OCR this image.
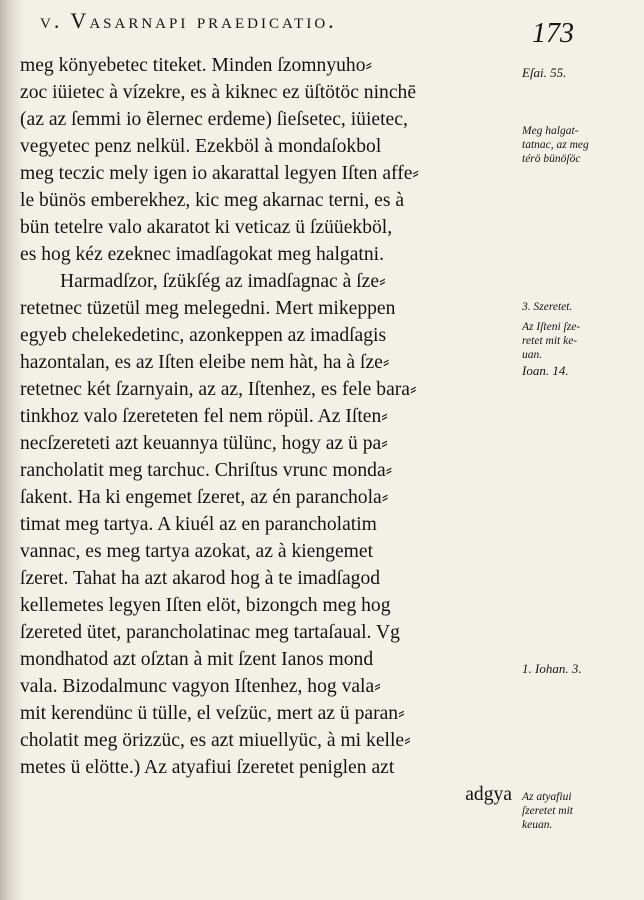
v. Vasarnapi praedicatio.	173
meg könyebetec titeket. Minden ſzomnyuho⸗
zoc iüietec à vízekre, es à kiknec ez üſtötöc ninchē
(az az ſemmi io ẽlernec erdeme) ſieſsetec, iüietec,
vegyetec penz nelkül. Ezekböl à mondaſokbol
meg teczic mely igen io akarattal legyen Iſten affe⸗
le bünös emberekhez, kic meg akarnac terni, es à
bün tetelre valo akaratot ki veticaz ü ſzüüekböl,
es hog kéz ezeknec imadſagokat meg halgatni.
Harmadſzor, ſzükſég az imadſagnac à ſze⸗
retetnec tüzetül meg melegedni. Mert mikeppen
egyeb chelekedetinc, azonkeppen az imadſagis
hazontalan, es az Iſten eleibe nem hàt, ha à ſze⸗
retetnec két ſzarnyain, az az, Iſtenhez, es fele bara⸗
tinkhoz valo ſzereteten fel nem röpül. Az Iſten⸗
necſzereteti azt keuannya tülünc, hogy az ü pa⸗
rancholatit meg tarchuc. Chriſtus vrunc monda⸗
ſakent. Ha ki engemet ſzeret, az én paranchola⸗
timat meg tartya. A kiuél az en parancholatim
vannac, es meg tartya azokat, az à kiengemet
ſzeret. Tahat ha azt akarod hog à te imadſagod
kellemetes legyen Iſten elöt, bizongch meg hog
ſzereted ütet, parancholatinac meg tartaſaual. Vg
mondhatod azt oſztan à mit ſzent Ianos mond
vala. Bizodalmunc vagyon Iſtenhez, hog vala⸗
mit kerendünc ü tülle, el veſzüc, mert az ü paran⸗
cholatit meg örizzüc, es azt miuellyüc, à mi kelle⸗
metes ü elötte.) Az atyafiui ſzeretet peniglen azt
adgya
Eſai. 55.
Meg halgat-
tatnac, az meg
térö bünöſöc
3. Szeretet.
Az Iſteni ſze-
retet mit ke-
uan.
Ioan. 14.
1. Iohan. 3.
Az atyafiui
ſzeretet mit
keuan.
